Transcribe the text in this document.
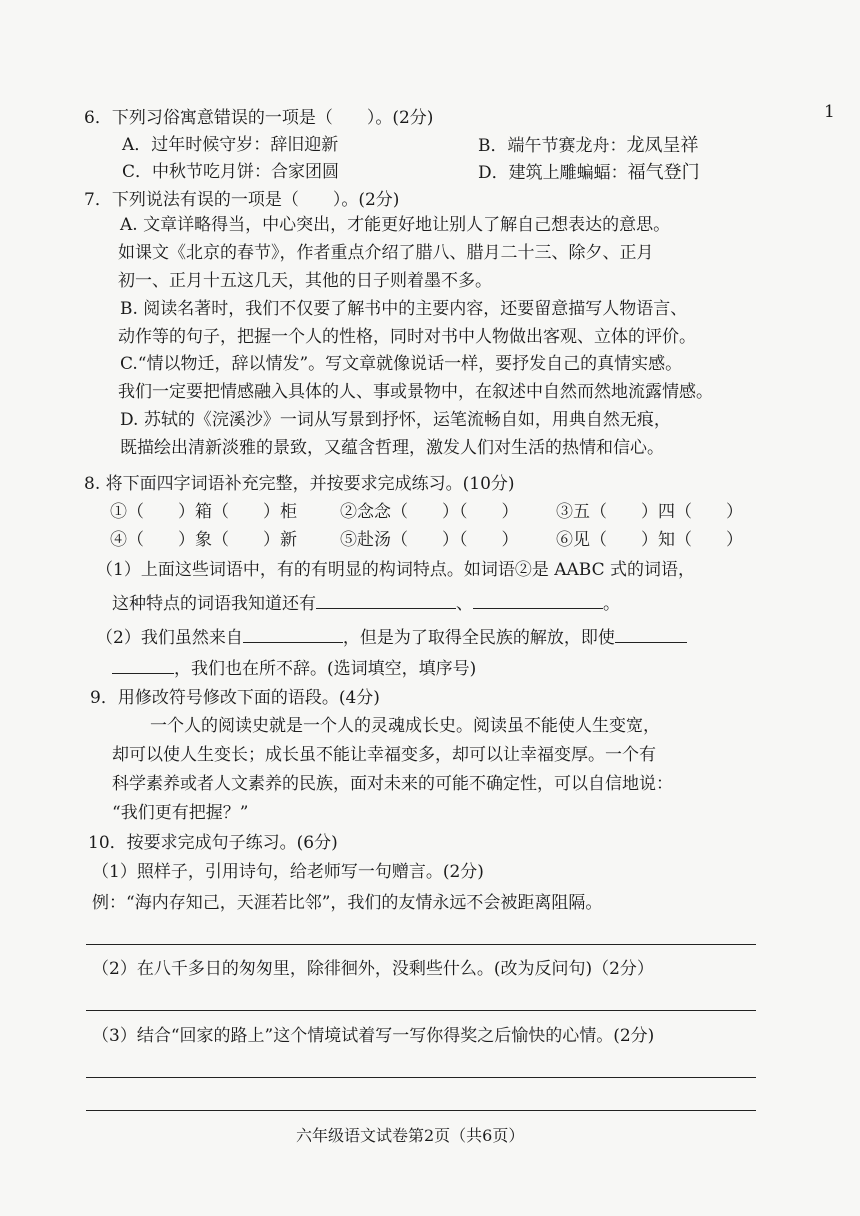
1
6．下列习俗寓意错误的一项是（　　）。(2分)
A．过年时候守岁：辞旧迎新	B．端午节赛龙舟：龙凤呈祥
C．中秋节吃月饼：合家团圆	D．建筑上雕蝙蝠：福气登门
7．下列说法有误的一项是（　　）。(2分)
A. 文章详略得当，中心突出，才能更好地让别人了解自己想表达的意思。
如课文《北京的春节》，作者重点介绍了腊八、腊月二十三、除夕、正月
初一、正月十五这几天，其他的日子则着墨不多。
B. 阅读名著时，我们不仅要了解书中的主要内容，还要留意描写人物语言、
动作等的句子，把握一个人的性格，同时对书中人物做出客观、立体的评价。
C.“情以物迁，辞以情发”。写文章就像说话一样，要抒发自己的真情实感。
我们一定要把情感融入具体的人、事或景物中，在叙述中自然而然地流露情感。
D. 苏轼的《浣溪沙》一词从写景到抒怀，运笔流畅自如，用典自然无痕，
既描绘出清新淡雅的景致，又蕴含哲理，激发人们对生活的热情和信心。
8. 将下面四字词语补充完整，并按要求完成练习。(10分)
①（　　）箱（　　）柜	②念念（　　）（　　） ③五（　　）四（　　）
④（　　）象（　　）新	⑤赴汤（　　）（　　） ⑥见（　　）知（　　）
（1）上面这些词语中，有的有明显的构词特点。如词语②是 AABC 式的词语，
这种特点的词语我知道还有	、	。
（2）我们虽然来自	，但是为了取得全民族的解放，即使
，我们也在所不辞。(选词填空，填序号)
9．用修改符号修改下面的语段。(4分)
一个人的阅读史就是一个人的灵魂成长史。阅读虽不能使人生变宽，
却可以使人生变长；成长虽不能让幸福变多，却可以让幸福变厚。一个有
科学素养或者人文素养的民族，面对未来的可能不确定性，可以自信地说：
“我们更有把握？”
10．按要求完成句子练习。(6分)
（1）照样子，引用诗句，给老师写一句赠言。(2分)
例：“海内存知己，天涯若比邻”，我们的友情永远不会被距离阻隔。
（2）在八千多日的匆匆里，除徘徊外，没剩些什么。(改为反问句)（2分）
（3）结合“回家的路上”这个情境试着写一写你得奖之后愉快的心情。(2分)
六年级语文试卷第2页（共6页）
